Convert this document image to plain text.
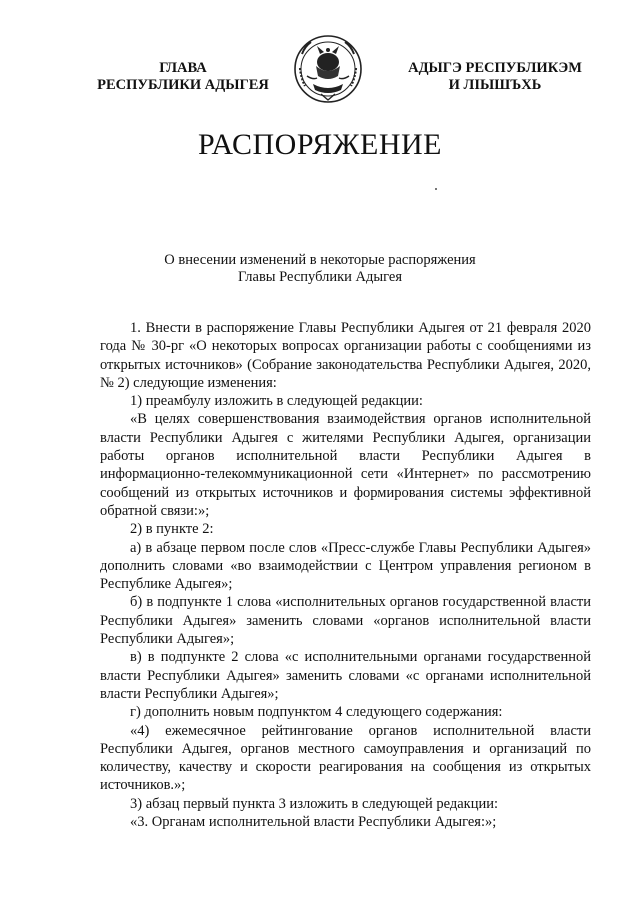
ГЛАВА
РЕСПУБЛИКИ АДЫГЕЯ
АДЫГЭ РЕСПУБЛИКЭМ
И ЛІЫШЪХЬ
РАСПОРЯЖЕНИЕ
О внесении изменений в некоторые распоряжения
Главы Республики Адыгея

1. Внести в распоряжение Главы Республики Адыгея от 21 февраля 2020 года № 30-рг «О некоторых вопросах организации работы с сообщениями из открытых источников» (Собрание законодательства Республики Адыгея, 2020, № 2) следующие изменения:

1) преамбулу изложить в следующей редакции:

«В целях совершенствования взаимодействия органов исполнительной власти Республики Адыгея с жителями Республики Адыгея, организации работы органов исполнительной власти Республики Адыгея в информационно-телекоммуникационной сети «Интернет» по рассмотрению сообщений из открытых источников и формирования системы эффективной обратной связи:»;

2) в пункте 2:

а) в абзаце первом после слов «Пресс-службе Главы Республики Адыгея» дополнить словами «во взаимодействии с Центром управления регионом в Республике Адыгея»;

б) в подпункте 1 слова «исполнительных органов государственной власти Республики Адыгея» заменить словами «органов исполнительной власти Республики Адыгея»;

в) в подпункте 2 слова «с исполнительными органами государственной власти Республики Адыгея» заменить словами «с органами исполнительной власти Республики Адыгея»;

г) дополнить новым подпунктом 4 следующего содержания:

«4) ежемесячное рейтингование органов исполнительной власти Республики Адыгея, органов местного самоуправления и организаций по количеству, качеству и скорости реагирования на сообщения из открытых источников.»;

3) абзац первый пункта 3 изложить в следующей редакции:

«3. Органам исполнительной власти Республики Адыгея:»;
